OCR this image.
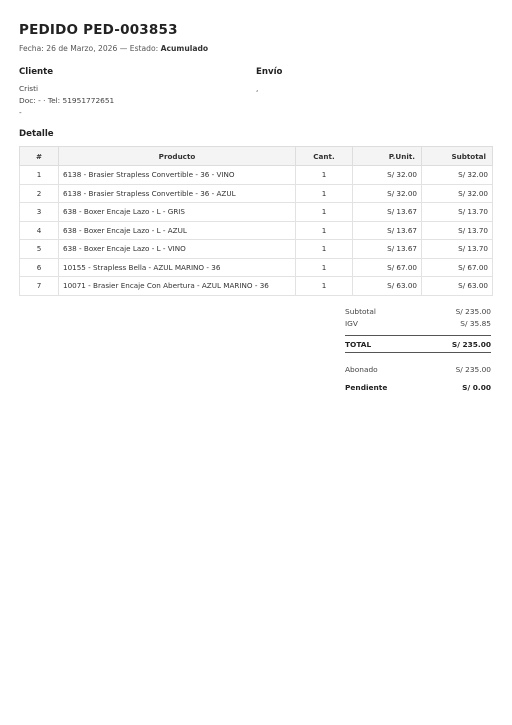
PEDIDO PED-003853
Fecha: 26 de Marzo, 2026 — Estado: Acumulado
Cliente
Cristi
Doc: - · Tel: 51951772651
-
Envío
,
Detalle
#	Producto	Cant.	P.Unit.	Subtotal
1	6138 - Brasier Strapless Convertible - 36 - VINO	1	S/ 32.00	S/ 32.00
2	6138 - Brasier Strapless Convertible - 36 - AZUL	1	S/ 32.00	S/ 32.00
3	638 - Boxer Encaje Lazo - L - GRIS	1	S/ 13.67	S/ 13.70
4	638 - Boxer Encaje Lazo - L - AZUL	1	S/ 13.67	S/ 13.70
5	638 - Boxer Encaje Lazo - L - VINO	1	S/ 13.67	S/ 13.70
6	10155 - Strapless Bella - AZUL MARINO - 36	1	S/ 67.00	S/ 67.00
7	10071 - Brasier Encaje Con Abertura - AZUL MARINO - 36	1	S/ 63.00	S/ 63.00
Subtotal	S/ 235.00
IGV	S/ 35.85
TOTAL	S/ 235.00
Abonado	S/ 235.00
Pendiente	S/ 0.00
